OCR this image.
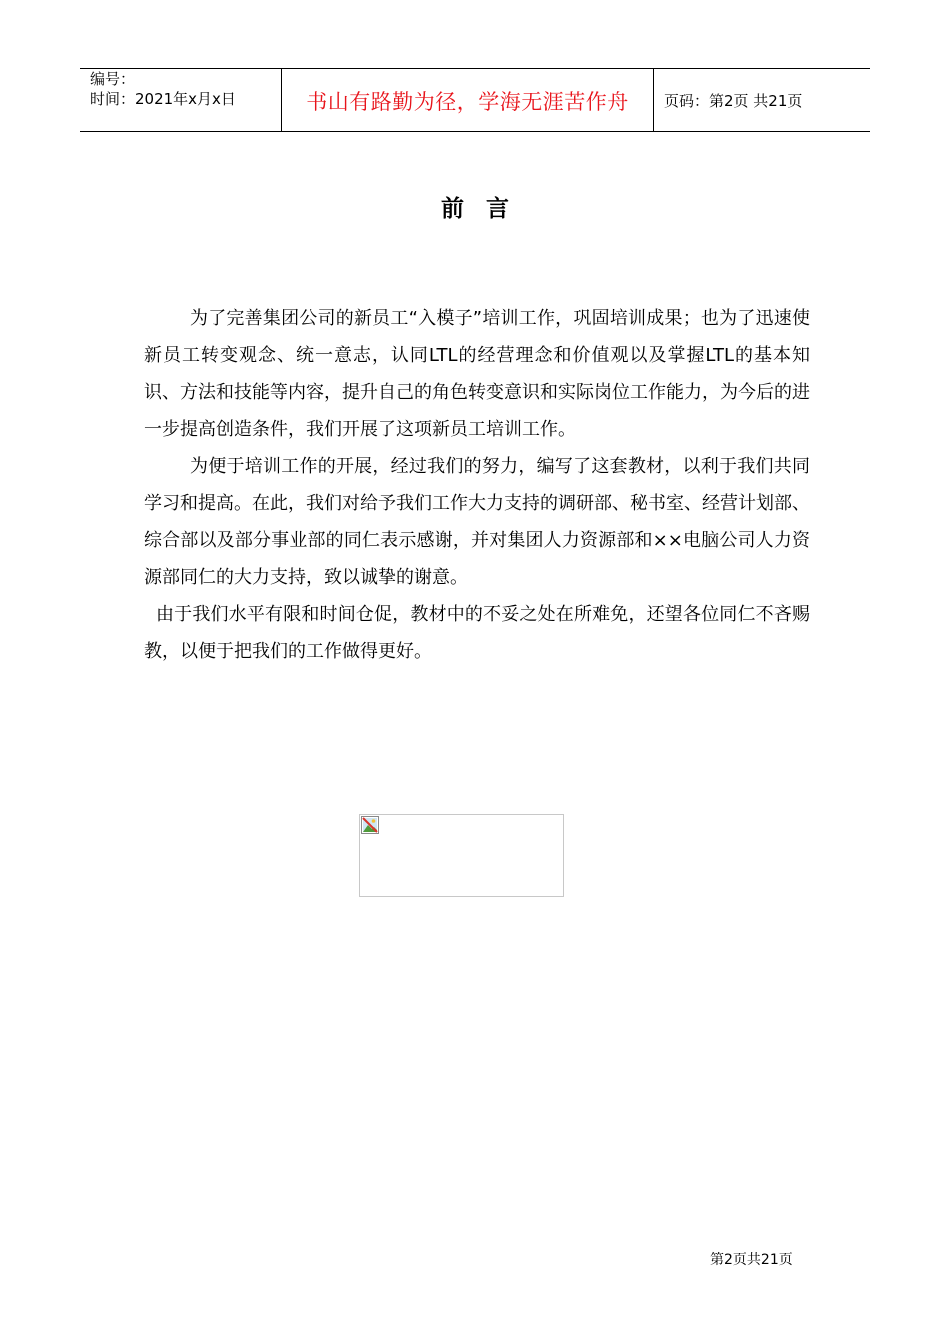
编号：
时间：2021年x月x日	书山有路勤为径，学海无涯苦作舟 页码：第2页 共21页
前言

为了完善集团公司的新员工“入模子”培训工作，巩固培训成果；也为了迅速使新员工转变观念、统一意志，认同LTL的经营理念和价值观以及掌握LTL的基本知识、方法和技能等内容，提升自己的角色转变意识和实际岗位工作能力，为今后的进一步提高创造条件，我们开展了这项新员工培训工作。

为便于培训工作的开展，经过我们的努力，编写了这套教材，以利于我们共同学习和提高。在此，我们对给予我们工作大力支持的调研部、秘书室、经营计划部、综合部以及部分事业部的同仁表示感谢，并对集团人力资源部和××电脑公司人力资源部同仁的大力支持，致以诚挚的谢意。

由于我们水平有限和时间仓促，教材中的不妥之处在所难免，还望各位同仁不吝赐教，以便于把我们的工作做得更好。

第2页共21页
